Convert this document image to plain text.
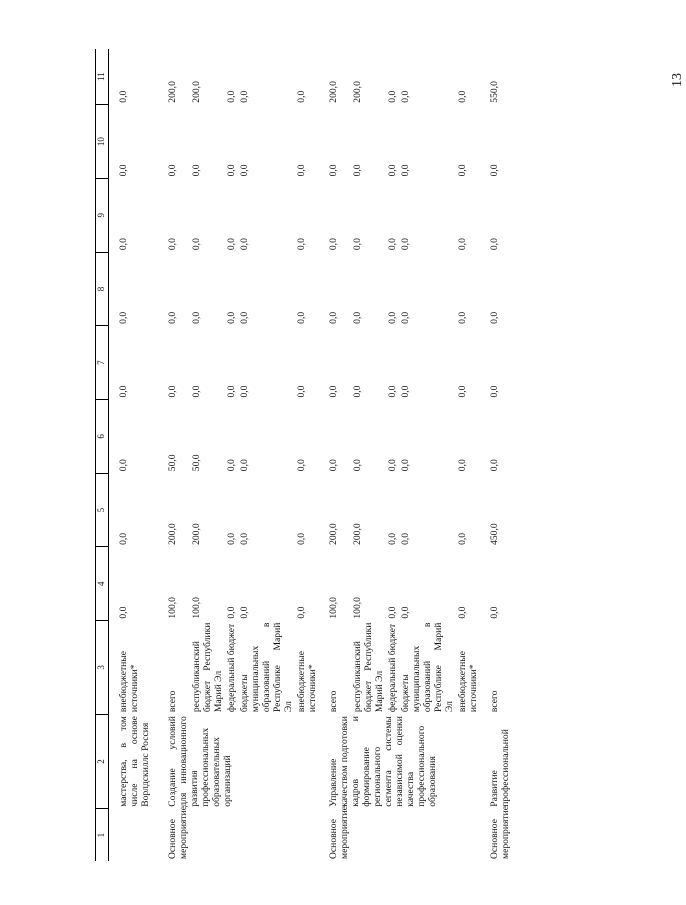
13
1	2	3	4	5	6	7	8	9	10	11

	мастерства, в том числе на основе Ворлдскиллс Россия	внебюджетные источники*	0,0	0,0	0,0	0,0	0,0	0,0	0,0	0,0

Основное мероприятие	Создание условий для инновационного развития профессиональных образовательных организаций	всего	100,0	200,0	50,0	0,0	0,0	0,0	0,0	200,0
		республиканский бюджет Республики Марий Эл	100,0	200,0	50,0	0,0	0,0	0,0	0,0	200,0
		федеральный бюджет	0,0	0,0	0,0	0,0	0,0	0,0	0,0	0,0
		бюджеты муниципальных образований в Республике Марий Эл	0,0	0,0	0,0	0,0	0,0	0,0	0,0	0,0
		внебюджетные источники*	0,0	0,0	0,0	0,0	0,0	0,0	0,0	0,0

Основное мероприятие	Управление качеством подготовки кадров и формирование регионального сегмента системы независимой оценки качества профессионального образования	всего	100,0	200,0	0,0	0,0	0,0	0,0	0,0	200,0
		республиканский бюджет Республики Марий Эл	100,0	200,0	0,0	0,0	0,0	0,0	0,0	200,0
		федеральный бюджет	0,0	0,0	0,0	0,0	0,0	0,0	0,0	0,0
		бюджеты муниципальных образований в Республике Марий Эл	0,0	0,0	0,0	0,0	0,0	0,0	0,0	0,0
		внебюджетные источники*	0,0	0,0	0,0	0,0	0,0	0,0	0,0	0,0

Основное мероприятие	Развитие профессиональной	всего	0,0	450,0	0,0	0,0	0,0	0,0	0,0	550,0
